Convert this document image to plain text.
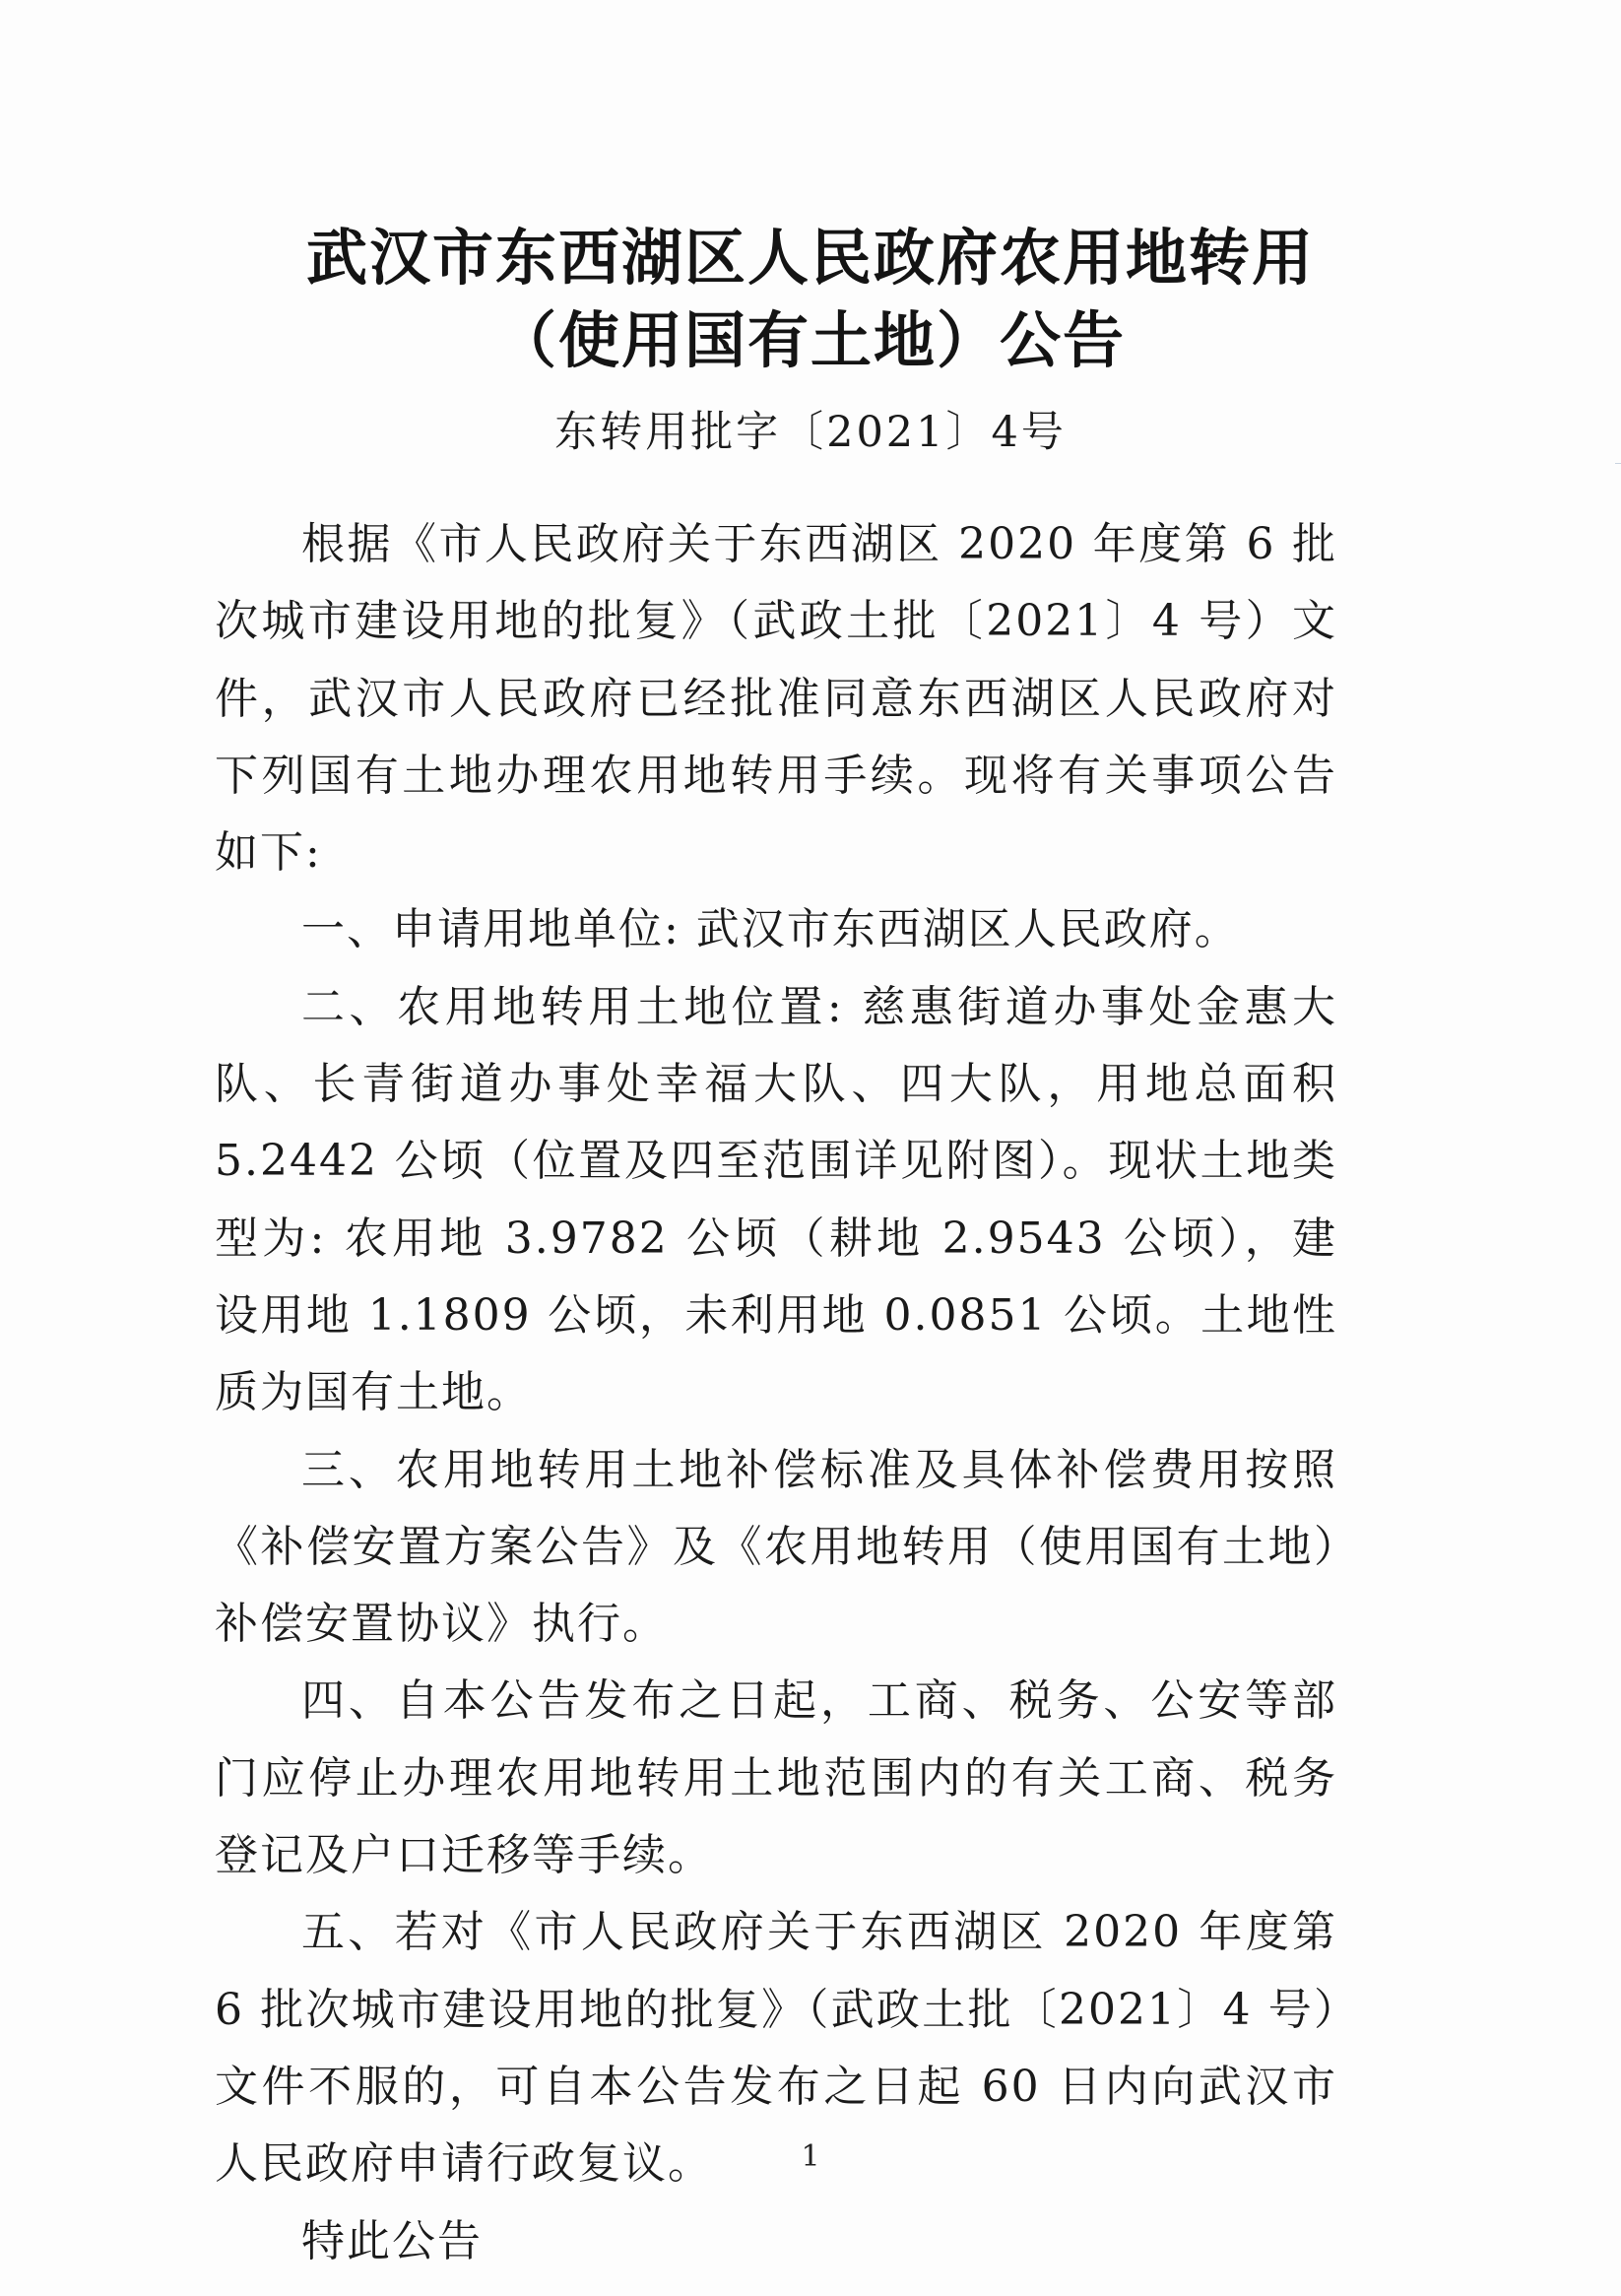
武汉市东西湖区人民政府农用地转用
（使用国有土地）公告
东转用批字〔2021〕4号

根据《市人民政府关于东西湖区 2020 年度第 6 批次城市建设用地的批复》（武政土批〔2021〕4 号）文件，武汉市人民政府已经批准同意东西湖区人民政府对下列国有土地办理农用地转用手续。现将有关事项公告如下:

一、申请用地单位: 武汉市东西湖区人民政府。

二、农用地转用土地位置: 慈惠街道办事处金惠大队、长青街道办事处幸福大队、四大队，用地总面积 5.2442 公顷（位置及四至范围详见附图）。现状土地类型为: 农用地 3.9782 公顷（耕地 2.9543 公顷），建设用地 1.1809 公顷，未利用地 0.0851 公顷。土地性质为国有土地。

三、农用地转用土地补偿标准及具体补偿费用按照《补偿安置方案公告》及《农用地转用（使用国有土地）补偿安置协议》执行。

四、自本公告发布之日起，工商、税务、公安等部门应停止办理农用地转用土地范围内的有关工商、税务登记及户口迁移等手续。

五、若对《市人民政府关于东西湖区 2020 年度第 6 批次城市建设用地的批复》（武政土批〔2021〕4 号）文件不服的，可自本公告发布之日起 60 日内向武汉市人民政府申请行政复议。

特此公告

1
